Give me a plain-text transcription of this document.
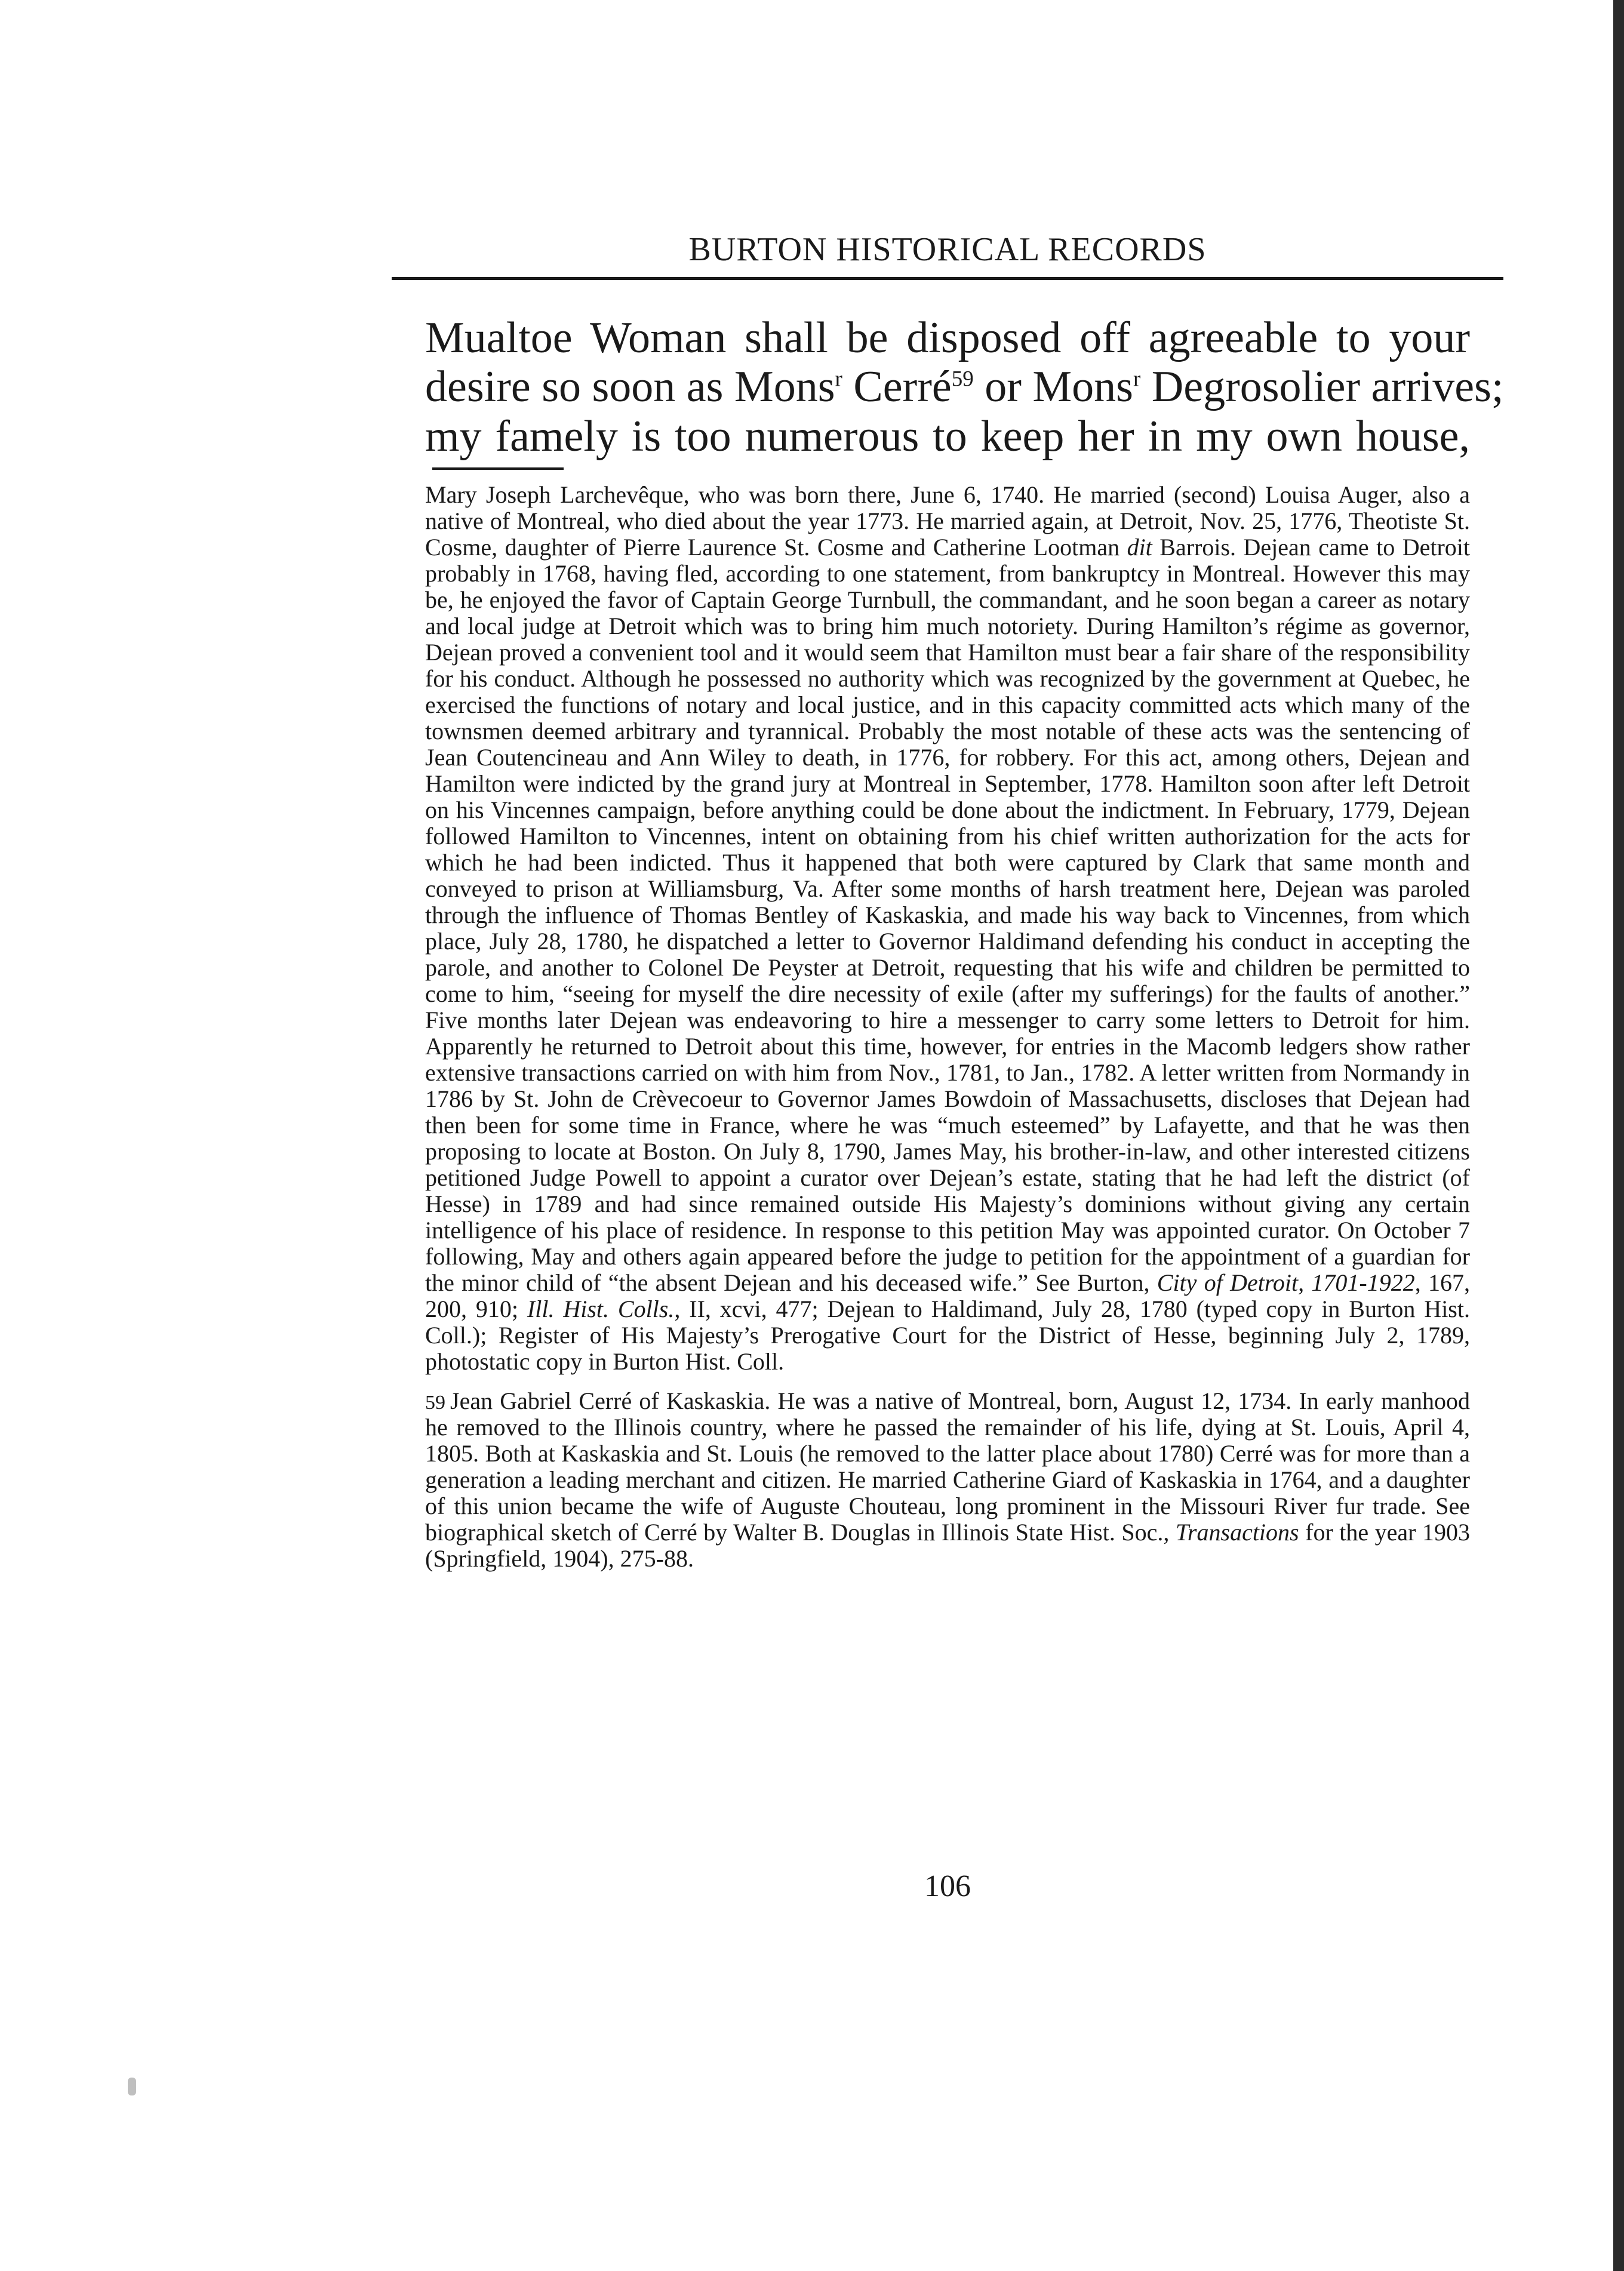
BURTON HISTORICAL RECORDS
Mualtoe Woman shall be disposed off agreeable to your
desire so soon as Mons$^r$ Cerré$^{59}$ or Mons$^r$ Degrosolier arrives;
my famely is too numerous to keep her in my own house,

Mary Joseph Larchevêque, who was born there, June 6, 1740. He married (second) Louisa Auger, also a native of Montreal, who died about the year 1773. He married again, at Detroit, Nov. 25, 1776, Theotiste St. Cosme, daughter of Pierre Laurence St. Cosme and Catherine Lootman dit Barrois. Dejean came to Detroit probably in 1768, having fled, according to one statement, from bankruptcy in Montreal. However this may be, he enjoyed the favor of Captain George Turnbull, the commandant, and he soon began a career as notary and local judge at Detroit which was to bring him much notoriety. During Hamilton’s régime as governor, Dejean proved a convenient tool and it would seem that Hamilton must bear a fair share of the responsibility for his conduct. Although he possessed no authority which was recognized by the government at Quebec, he exercised the functions of notary and local justice, and in this capacity committed acts which many of the townsmen deemed arbitrary and tyrannical. Probably the most notable of these acts was the sentencing of Jean Coutencineau and Ann Wiley to death, in 1776, for robbery. For this act, among others, Dejean and Hamilton were indicted by the grand jury at Montreal in September, 1778. Hamilton soon after left Detroit on his Vincennes campaign, before anything could be done about the indictment. In February, 1779, Dejean followed Hamilton to Vincennes, intent on obtaining from his chief written authorization for the acts for which he had been indicted. Thus it happened that both were captured by Clark that same month and conveyed to prison at Williamsburg, Va. After some months of harsh treatment here, Dejean was paroled through the influence of Thomas Bentley of Kaskaskia, and made his way back to Vincennes, from which place, July 28, 1780, he dispatched a letter to Governor Haldimand defending his conduct in accepting the parole, and another to Colonel De Peyster at Detroit, requesting that his wife and children be permitted to come to him, “seeing for myself the dire necessity of exile (after my sufferings) for the faults of another.” Five months later Dejean was endeavoring to hire a messenger to carry some letters to Detroit for him. Apparently he returned to Detroit about this time, however, for entries in the Macomb ledgers show rather extensive transactions carried on with him from Nov., 1781, to Jan., 1782. A letter written from Normandy in 1786 by St. John de Crèvecoeur to Governor James Bowdoin of Massachusetts, discloses that Dejean had then been for some time in France, where he was “much esteemed” by Lafayette, and that he was then proposing to locate at Boston. On July 8, 1790, James May, his brother-in-law, and other interested citizens petitioned Judge Powell to appoint a curator over Dejean’s estate, stating that he had left the district (of Hesse) in 1789 and had since remained outside His Majesty’s dominions without giving any certain intelligence of his place of residence. In response to this petition May was appointed curator. On October 7 following, May and others again appeared before the judge to petition for the appointment of a guardian for the minor child of “the absent Dejean and his deceased wife.” See Burton, City of Detroit, 1701-1922, 167, 200, 910; Ill. Hist. Colls., II, xcvi, 477; Dejean to Haldimand, July 28, 1780 (typed copy in Burton Hist. Coll.); Register of His Majesty’s Prerogative Court for the District of Hesse, beginning July 2, 1789, photostatic copy in Burton Hist. Coll.

59 Jean Gabriel Cerré of Kaskaskia. He was a native of Montreal, born, August 12, 1734. In early manhood he removed to the Illinois country, where he passed the remainder of his life, dying at St. Louis, April 4, 1805. Both at Kaskaskia and St. Louis (he removed to the latter place about 1780) Cerré was for more than a generation a leading merchant and citizen. He married Catherine Giard of Kaskaskia in 1764, and a daughter of this union became the wife of Auguste Chouteau, long prominent in the Missouri River fur trade. See biographical sketch of Cerré by Walter B. Douglas in Illinois State Hist. Soc., Transactions for the year 1903 (Springfield, 1904), 275-88.

106
